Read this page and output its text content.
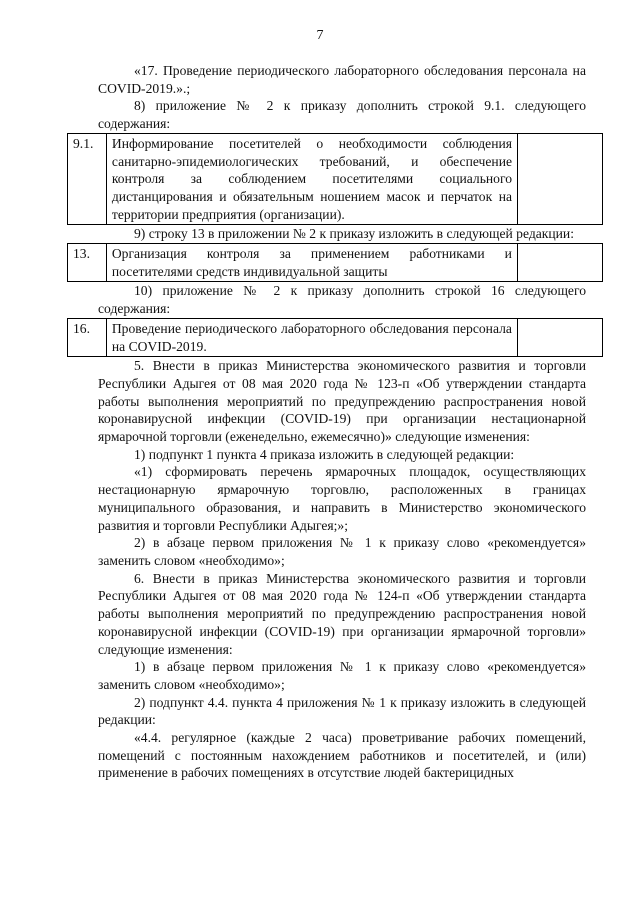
7

«17. Проведение периодического лабораторного обследования персонала на COVID-2019.».;

8) приложение № 2 к приказу дополнить строкой 9.1. следующего содержания:

9.1.	Информирование посетителей о необходимости соблюдения санитарно-эпидемиологических требований, и обеспечение контроля за соблюдением посетителями социального дистанцирования и обязательным ношением масок и перчаток на территории предприятия (организации).	

9) строку 13 в приложении № 2 к приказу изложить в следующей редакции:

13.	Организация контроля за применением работниками и посетителями средств индивидуальной защиты	

10) приложение № 2 к приказу дополнить строкой 16 следующего содержания:

16.	Проведение периодического лабораторного обследования персонала на COVID-2019.	

5. Внести в приказ Министерства экономического развития и торговли Республики Адыгея от 08 мая 2020 года № 123-п «Об утверждении стандарта работы выполнения мероприятий по предупреждению распространения новой коронавирусной инфекции (COVID-19) при организации нестационарной ярмарочной торговли (еженедельно, ежемесячно)» следующие изменения:

1) подпункт 1 пункта 4 приказа изложить в следующей редакции:

«1) сформировать перечень ярмарочных площадок, осуществляющих нестационарную ярмарочную торговлю, расположенных в границах муниципального образования, и направить в Министерство экономического развития и торговли Республики Адыгея;»;

2) в абзаце первом приложения № 1 к приказу слово «рекомендуется» заменить словом «необходимо»;

6. Внести в приказ Министерства экономического развития и торговли Республики Адыгея от 08 мая 2020 года № 124-п «Об утверждении стандарта работы выполнения мероприятий по предупреждению распространения новой коронавирусной инфекции (COVID-19) при организации ярмарочной торговли» следующие изменения:

1) в абзаце первом приложения № 1 к приказу слово «рекомендуется» заменить словом «необходимо»;

2) подпункт 4.4. пункта 4 приложения № 1 к приказу изложить в следующей редакции:

«4.4. регулярное (каждые 2 часа) проветривание рабочих помещений, помещений с постоянным нахождением работников и посетителей, и (или) применение в рабочих помещениях в отсутствие людей бактерицидных
